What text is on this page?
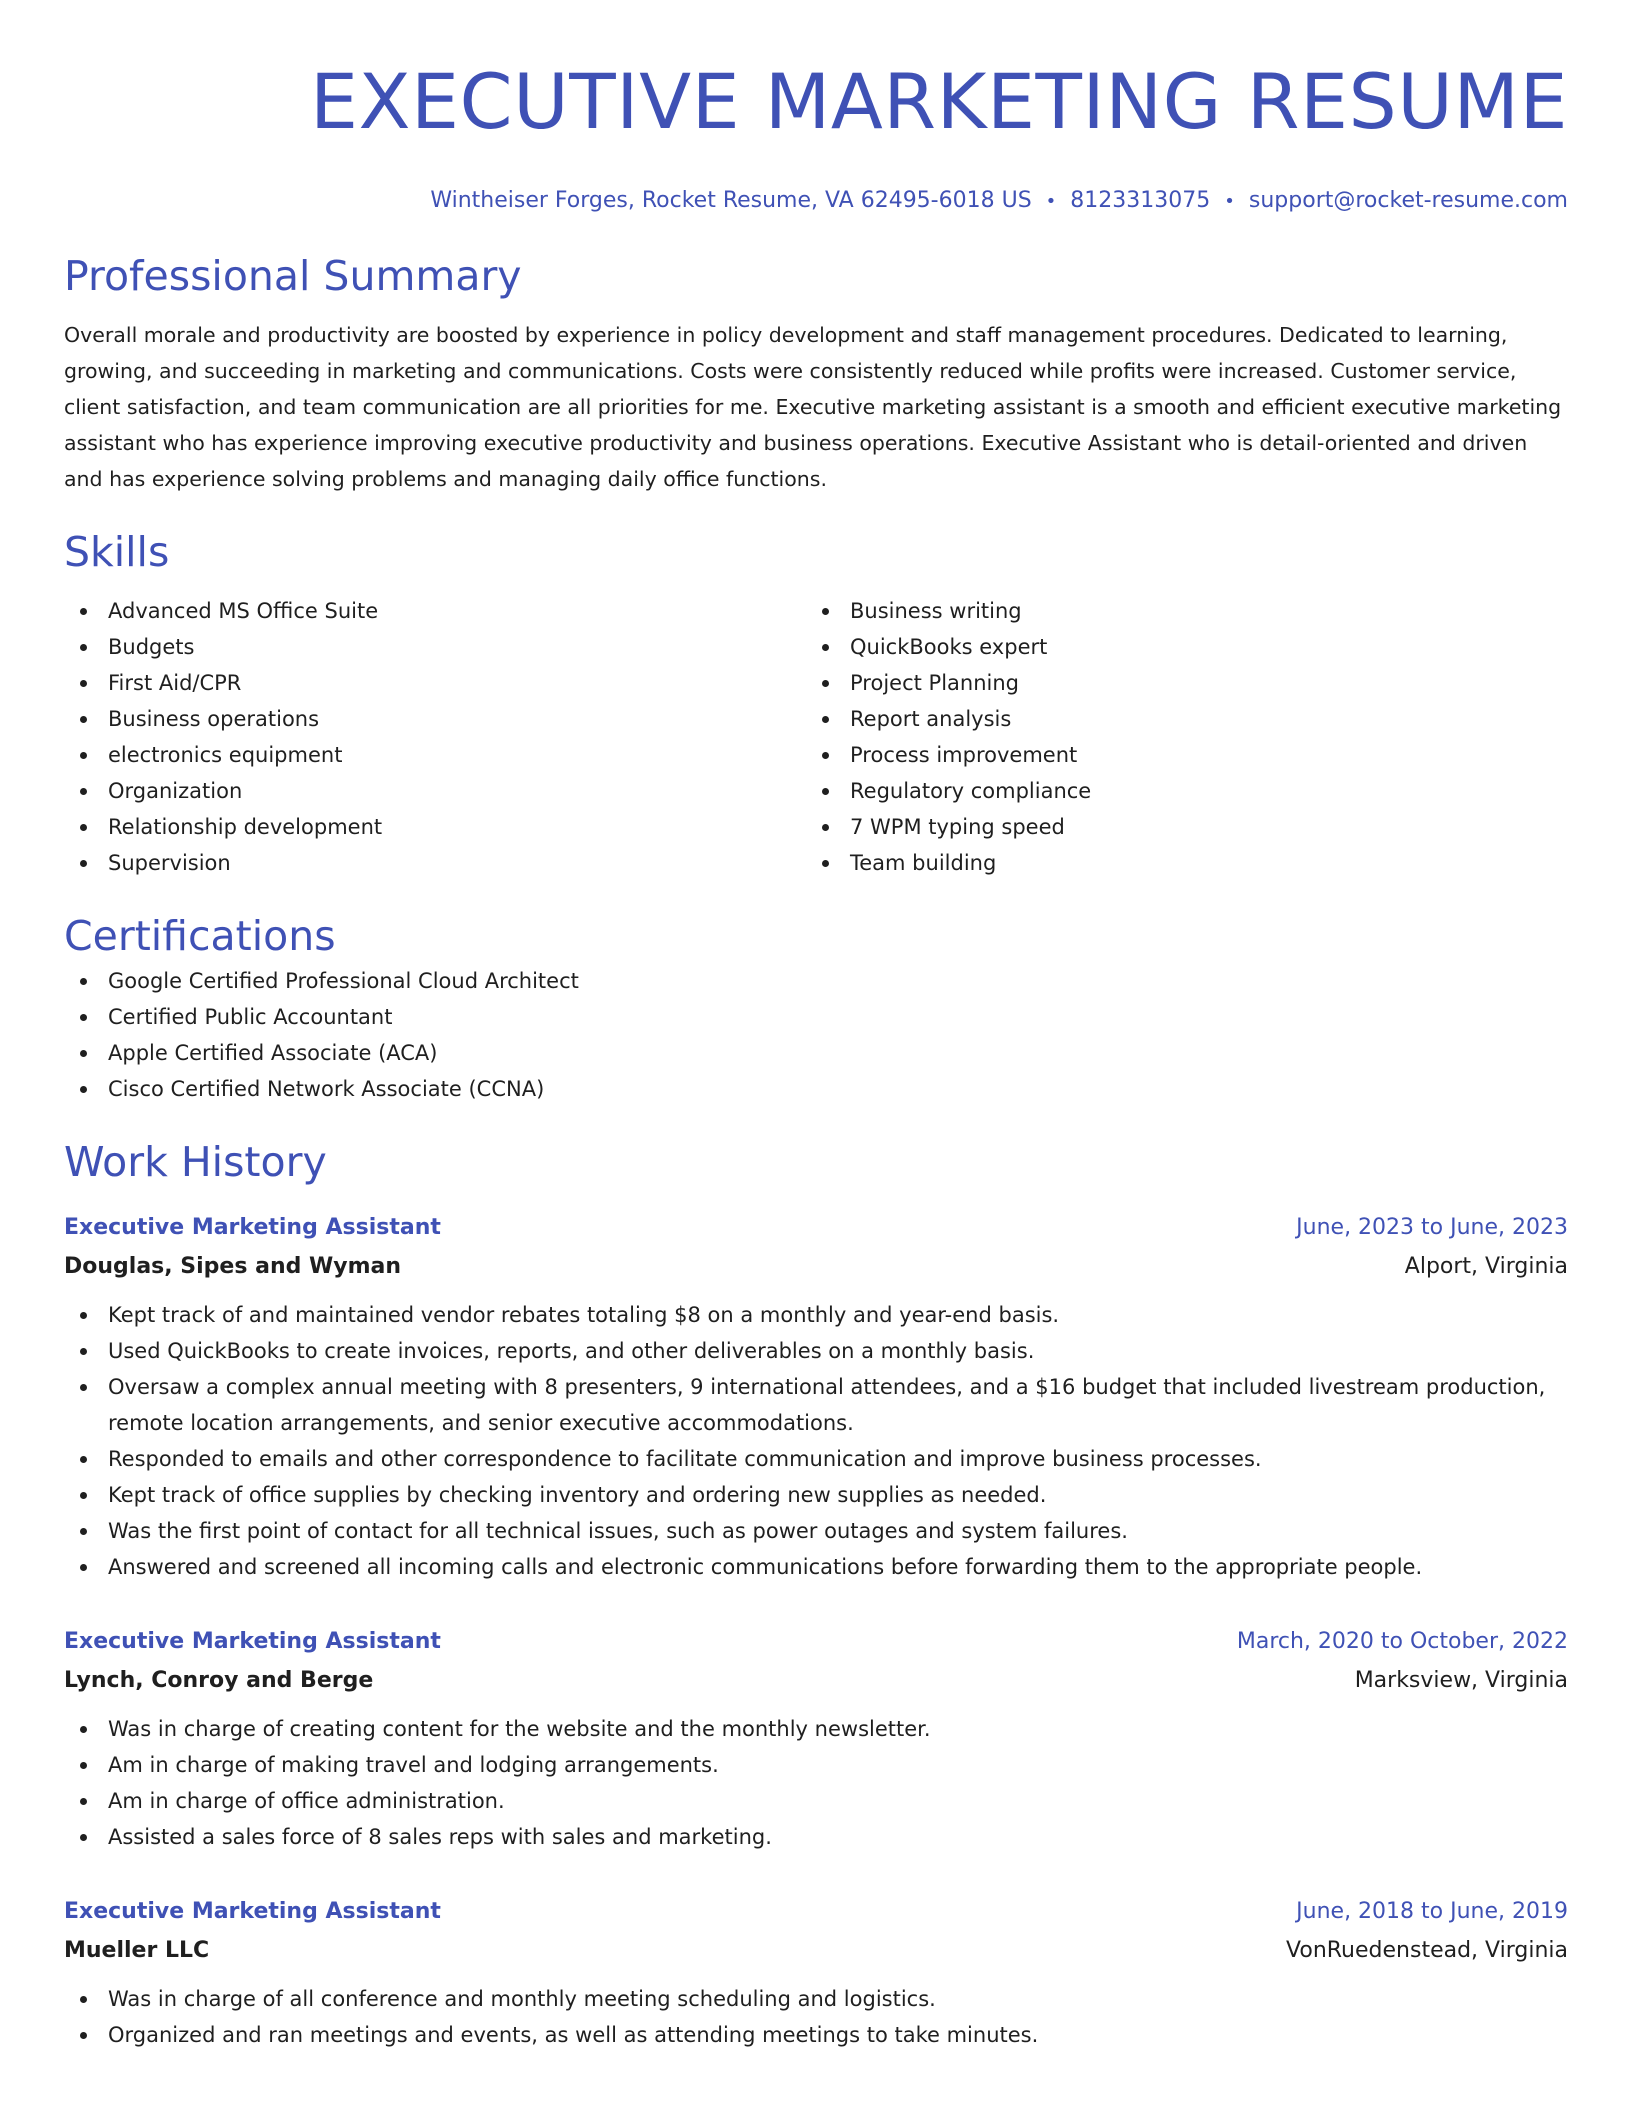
EXECUTIVE MARKETING RESUME
Wintheiser Forges, Rocket Resume, VA 62495-6018 US • 8123313075 • support@rocket-resume.com
Professional Summary

Overall morale and productivity are boosted by experience in policy development and staff management procedures. Dedicated to learning, growing, and succeeding in marketing and communications. Costs were consistently reduced while profits were increased. Customer service, client satisfaction, and team communication are all priorities for me. Executive marketing assistant is a smooth and efficient executive marketing assistant who has experience improving executive productivity and business operations. Executive Assistant who is detail-oriented and driven and has experience solving problems and managing daily office functions.

Skills
Advanced MS Office Suite
Budgets
First Aid/CPR
Business operations
electronics equipment
Organization
Relationship development
Supervision
Business writing
QuickBooks expert
Project Planning
Report analysis
Process improvement
Regulatory compliance
7 WPM typing speed
Team building
Certifications
Google Certified Professional Cloud Architect
Certified Public Accountant
Apple Certified Associate (ACA)
Cisco Certified Network Associate (CCNA)
Work History
Executive Marketing Assistant	June, 2023 to June, 2023
Douglas, Sipes and Wyman	Alport, Virginia
Kept track of and maintained vendor rebates totaling $8 on a monthly and year-end basis.
Used QuickBooks to create invoices, reports, and other deliverables on a monthly basis.
Oversaw a complex annual meeting with 8 presenters, 9 international attendees, and a $16 budget that included livestream production, remote location arrangements, and senior executive accommodations.
Responded to emails and other correspondence to facilitate communication and improve business processes.
Kept track of office supplies by checking inventory and ordering new supplies as needed.
Was the first point of contact for all technical issues, such as power outages and system failures.
Answered and screened all incoming calls and electronic communications before forwarding them to the appropriate people.
Executive Marketing Assistant	March, 2020 to October, 2022
Lynch, Conroy and Berge	Marksview, Virginia
Was in charge of creating content for the website and the monthly newsletter.
Am in charge of making travel and lodging arrangements.
Am in charge of office administration.
Assisted a sales force of 8 sales reps with sales and marketing.
Executive Marketing Assistant	June, 2018 to June, 2019
Mueller LLC	VonRuedenstead, Virginia
Was in charge of all conference and monthly meeting scheduling and logistics.
Organized and ran meetings and events, as well as attending meetings to take minutes.
